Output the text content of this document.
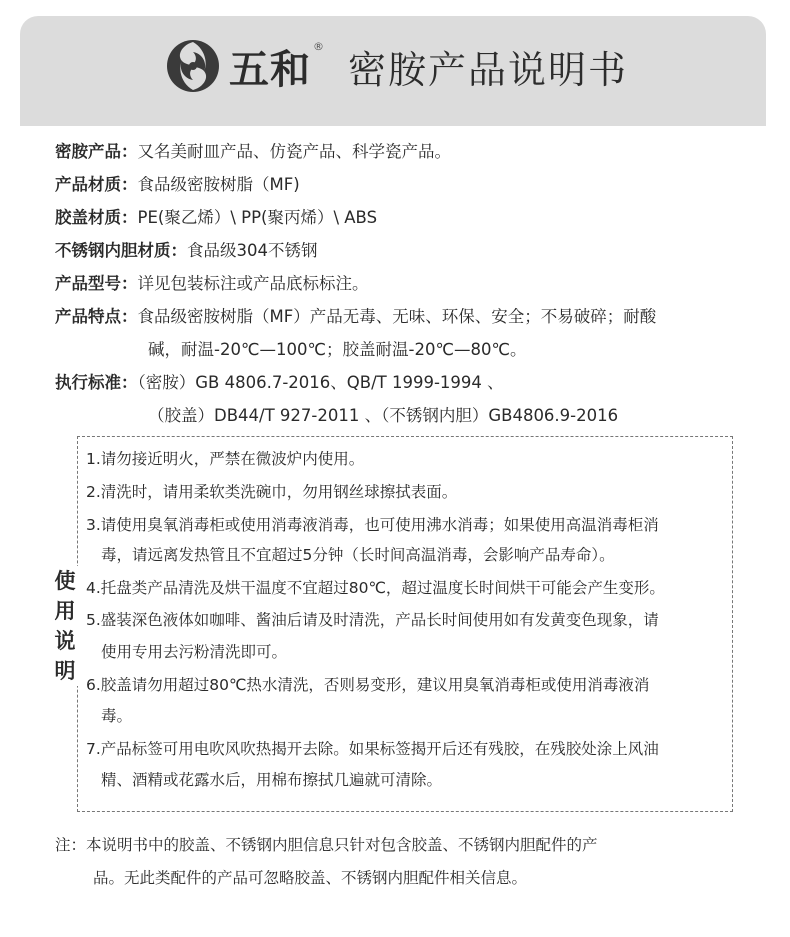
五和 ®
密胺产品说明书
密胺产品：又名美耐皿产品、仿瓷产品、科学瓷产品。
产品材质：食品级密胺树脂（MF)
胶盖材质：PE(聚乙烯）\ PP(聚丙烯）\ ABS
不锈钢内胆材质：食品级304不锈钢
产品型号：详见包装标注或产品底标标注。
产品特点：食品级密胺树脂（MF）产品无毒、无味、环保、安全；不易破碎；耐酸
碱，耐温-20℃—100℃；胶盖耐温-20℃—80℃。
执行标准：（密胺）GB 4806.7-2016、QB/T 1999-1994 、
（胶盖）DB44/T 927-2011 、（不锈钢内胆）GB4806.9-2016
使
用
说
明
1.请勿接近明火，严禁在微波炉内使用。
2.清洗时，请用柔软类洗碗巾，勿用钢丝球擦拭表面。
3.请使用臭氧消毒柜或使用消毒液消毒，也可使用沸水消毒；如果使用高温消毒柜消
毒，请远离发热管且不宜超过5分钟（长时间高温消毒，会影响产品寿命）。
4.托盘类产品清洗及烘干温度不宜超过80℃，超过温度长时间烘干可能会产生变形。
5.盛装深色液体如咖啡、酱油后请及时清洗，产品长时间使用如有发黄变色现象，请
使用专用去污粉清洗即可。
6.胶盖请勿用超过80℃热水清洗，否则易变形，建议用臭氧消毒柜或使用消毒液消
毒。
7.产品标签可用电吹风吹热揭开去除。如果标签揭开后还有残胶，在残胶处涂上风油
精、酒精或花露水后，用棉布擦拭几遍就可清除。
注：本说明书中的胶盖、不锈钢内胆信息只针对包含胶盖、不锈钢内胆配件的产
品。无此类配件的产品可忽略胶盖、不锈钢内胆配件相关信息。
